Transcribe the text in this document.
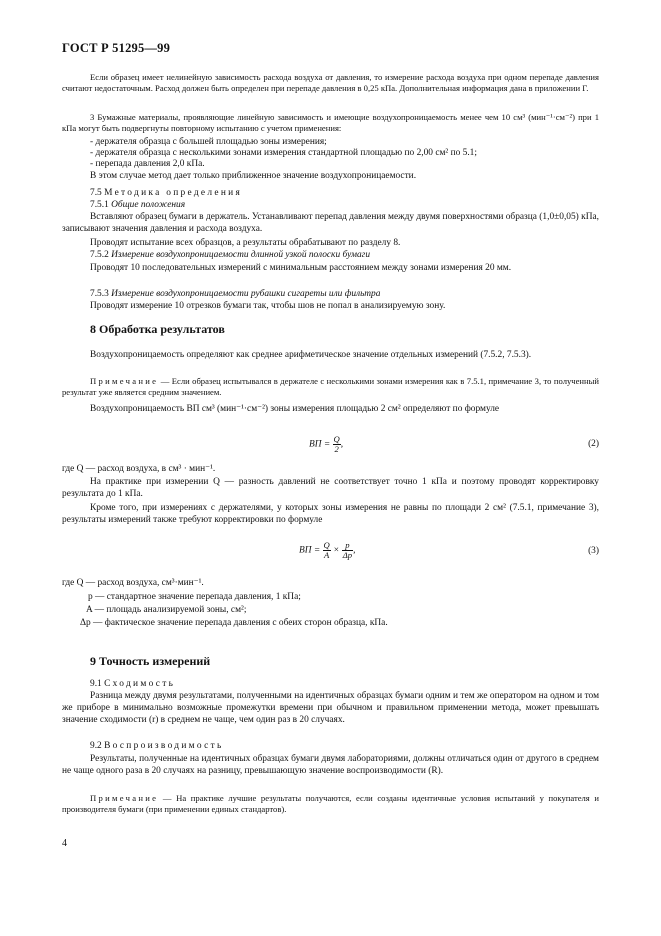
ГОСТ Р 51295—99
Если образец имеет нелинейную зависимость расхода воздуха от давления, то измерение расхода воздуха при одном перепаде давления считают недостаточным. Расход должен быть определен при перепаде давления в 0,25 кПа. Дополнительная информация дана в приложении Г.
3 Бумажные материалы, проявляющие линейную зависимость и имеющие воздухопроницаемость менее чем 10 см³ (мин⁻¹·см⁻²) при 1 кПа могут быть подвергнуты повторному испытанию с учетом применения:
- держателя образца с большей площадью зоны измерения;
- держателя образца с несколькими зонами измерения стандартной площадью по 2,00 см² по 5.1;
- перепада давления 2,0 кПа.
В этом случае метод дает только приближенное значение воздухопроницаемости.
7.5 Методика определения
7.5.1 Общие положения
Вставляют образец бумаги в держатель. Устанавливают перепад давления между двумя поверхностями образца (1,0±0,05) кПа, записывают значения давления и расхода воздуха.
Проводят испытание всех образцов, а результаты обрабатывают по разделу 8.
7.5.2 Измерение воздухопроницаемости длинной узкой полоски бумаги
Проводят 10 последовательных измерений с минимальным расстоянием между зонами измерения 20 мм.
7.5.3 Измерение воздухопроницаемости рубашки сигареты или фильтра
Проводят измерение 10 отрезков бумаги так, чтобы шов не попал в анализируемую зону.
8 Обработка результатов
Воздухопроницаемость определяют как среднее арифметическое значение отдельных измерений (7.5.2, 7.5.3).
Примечание — Если образец испытывался в держателе с несколькими зонами измерения как в 7.5.1, примечание 3, то полученный результат уже является средним значением.
Воздухопроницаемость ВП см³ (мин⁻¹·см⁻²) зоны измерения площадью 2 см² определяют по формуле
ВП = $\frac{Q}{2}$ ,	(2)
где Q — расход воздуха, в см³ · мин⁻¹.
На практике при измерении Q — разность давлений не соответствует точно 1 кПа и поэтому проводят корректировку результата до 1 кПа.
Кроме того, при измерениях с держателями, у которых зоны измерения не равны по площади 2 см² (7.5.1, примечание 3), результаты измерений также требуют корректировки по формуле
ВП = $\frac{Q}{A} \times \frac{p}{\Delta p}$ ,	(3)
где Q — расход воздуха, см³·мин⁻¹.
p — стандартное значение перепада давления, 1 кПа;
A — площадь анализируемой зоны, см²;
Δp — фактическое значение перепада давления с обеих сторон образца, кПа.
9 Точность измерений
9.1 Сходимость
Разница между двумя результатами, полученными на идентичных образцах бумаги одним и тем же оператором на одном и том же приборе в минимально возможные промежутки времени при обычном и правильном применении метода, может превышать значение сходимости (r) в среднем не чаще, чем один раз в 20 случаях.
9.2 Воспроизводимость
Результаты, полученные на идентичных образцах бумаги двумя лабораториями, должны отличаться один от другого в среднем не чаще одного раза в 20 случаях на разницу, превышающую значение воспроизводимости (R).
Примечание — На практике лучшие результаты получаются, если созданы идентичные условия испытаний у покупателя и производителя бумаги (при применении единых стандартов).
4
